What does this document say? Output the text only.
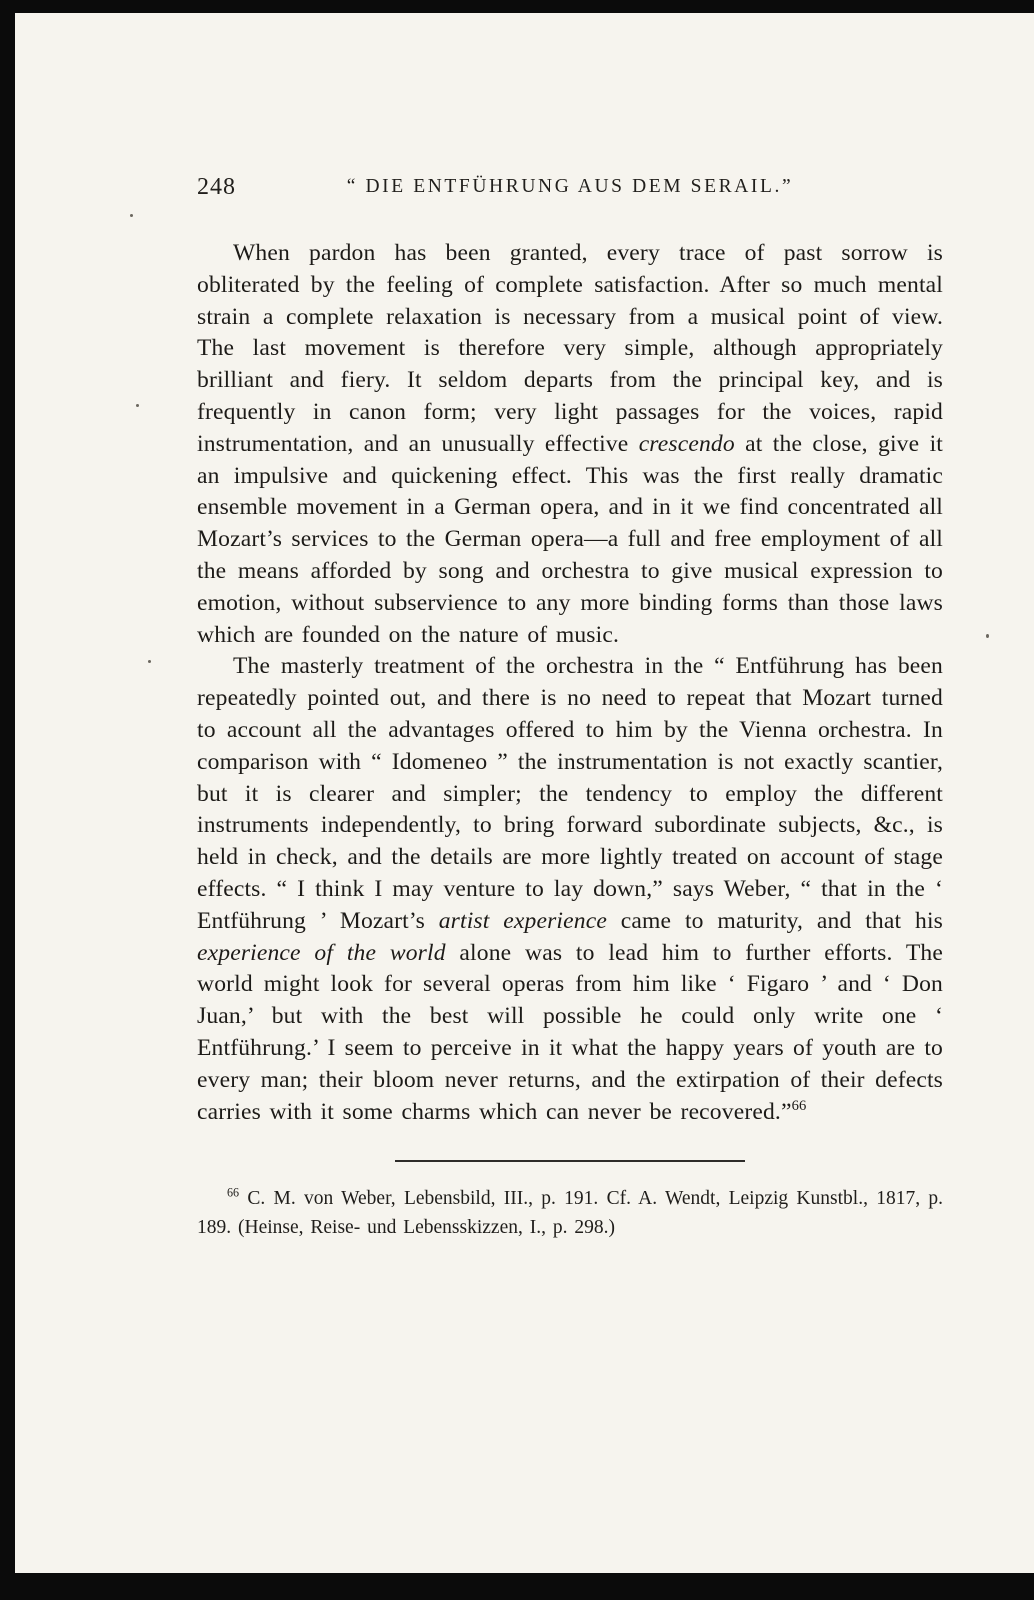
248	“ DIE ENTFÜHRUNG AUS DEM SERAIL.”

When pardon has been granted, every trace of past sorrow is obliterated by the feeling of complete satisfaction. After so much mental strain a complete relaxation is necessary from a musical point of view. The last movement is therefore very simple, although appropriately brilliant and fiery. It seldom departs from the principal key, and is frequently in canon form; very light passages for the voices, rapid instrumentation, and an unusually effective crescendo at the close, give it an impulsive and quickening effect. This was the first really dramatic ensemble movement in a German opera, and in it we find concentrated all Mozart’s services to the German opera—a full and free employment of all the means afforded by song and orchestra to give musical expression to emotion, without subservience to any more binding forms than those laws which are founded on the nature of music.

The masterly treatment of the orchestra in the “ Entführung has been repeatedly pointed out, and there is no need to repeat that Mozart turned to account all the advantages offered to him by the Vienna orchestra. In comparison with “ Idomeneo ” the instrumentation is not exactly scantier, but it is clearer and simpler; the tendency to employ the different instruments independently, to bring forward subordinate subjects, &c., is held in check, and the details are more lightly treated on account of stage effects. “ I think I may venture to lay down,” says Weber, “ that in the ‘ Entführung ’ Mozart’s artist experience came to maturity, and that his experience of the world alone was to lead him to further efforts. The world might look for several operas from him like ‘ Figaro ’ and ‘ Don Juan,’ but with the best will possible he could only write one ‘ Entführung.’ I seem to perceive in it what the happy years of youth are to every man; their bloom never returns, and the extirpation of their defects carries with it some charms which can never be recovered.”$^{66}$

$^{66}$ C. M. von Weber, Lebensbild, III., p. 191. Cf. A. Wendt, Leipzig Kunstbl., 1817, p. 189. (Heinse, Reise- und Lebensskizzen, I., p. 298.)
